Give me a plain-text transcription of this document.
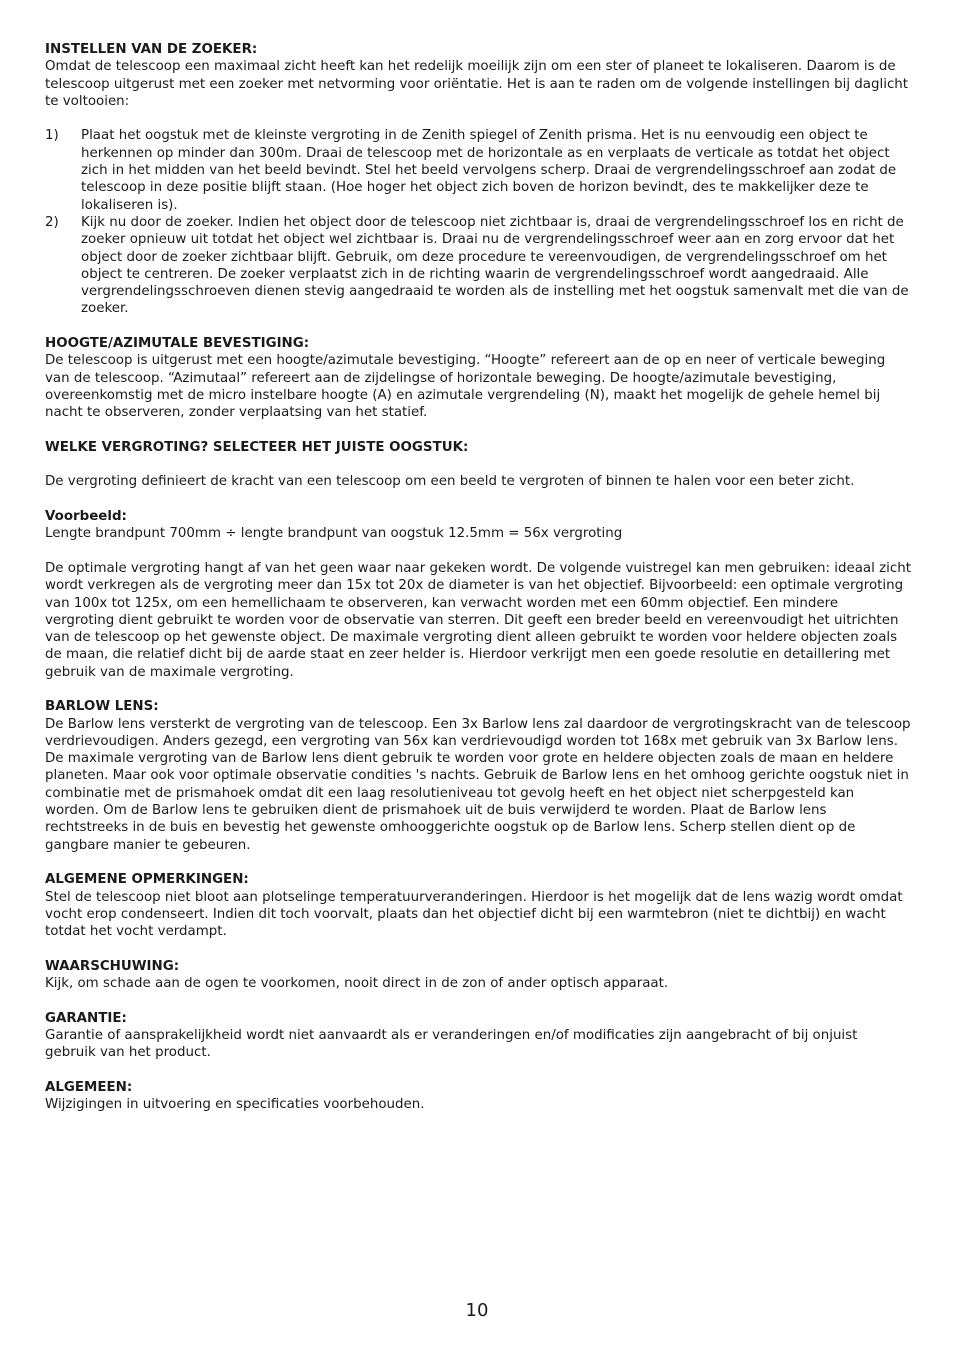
INSTELLEN VAN DE ZOEKER:

Omdat de telescoop een maximaal zicht heeft kan het redelijk moeilijk zijn om een ster of planeet te lokaliseren. Daarom is de telescoop uitgerust met een zoeker met netvorming voor oriëntatie. Het is aan te raden om de volgende instellingen bij daglicht te voltooien:

1)	Plaat het oogstuk met de kleinste vergroting in de Zenith spiegel of Zenith prisma. Het is nu eenvoudig een object te herkennen op minder dan 300m. Draai de telescoop met de horizontale as en verplaats de verticale as totdat het object zich in het midden van het beeld bevindt. Stel het beeld vervolgens scherp. Draai de vergrendelingsschroef aan zodat de telescoop in deze positie blijft staan. (Hoe hoger het object zich boven de horizon bevindt, des te makkelijker deze te lokaliseren is).
2)	Kijk nu door de zoeker. Indien het object door de telescoop niet zichtbaar is, draai de vergrendelingsschroef los en richt de zoeker opnieuw uit totdat het object wel zichtbaar is. Draai nu de vergrendelingsschroef weer aan en zorg ervoor dat het object door de zoeker zichtbaar blijft. Gebruik, om deze procedure te vereenvoudigen, de vergrendelingsschroef om het object te centreren. De zoeker verplaatst zich in de richting waarin de vergrendelingsschroef wordt aangedraaid. Alle vergrendelingsschroeven dienen stevig aangedraaid te worden als de instelling met het oogstuk samenvalt met die van de zoeker.
HOOGTE/AZIMUTALE BEVESTIGING:

De telescoop is uitgerust met een hoogte/azimutale bevestiging. “Hoogte” refereert aan de op en neer of verticale beweging van de telescoop. “Azimutaal” refereert aan de zijdelingse of horizontale beweging. De hoogte/azimutale bevestiging, overeenkomstig met de micro instelbare hoogte (A) en azimutale vergrendeling (N), maakt het mogelijk de gehele hemel bij nacht te observeren, zonder verplaatsing van het statief.

WELKE VERGROTING? SELECTEER HET JUISTE OOGSTUK:

De vergroting definieert de kracht van een telescoop om een beeld te vergroten of binnen te halen voor een beter zicht.

Voorbeeld:

Lengte brandpunt 700mm ÷ lengte brandpunt van oogstuk 12.5mm = 56x vergroting

De optimale vergroting hangt af van het geen waar naar gekeken wordt. De volgende vuistregel kan men gebruiken: ideaal zicht wordt verkregen als de vergroting meer dan 15x tot 20x de diameter is van het objectief. Bijvoorbeeld: een optimale vergroting van 100x tot 125x, om een hemellichaam te observeren, kan verwacht worden met een 60mm objectief. Een mindere vergroting dient gebruikt te worden voor de observatie van sterren. Dit geeft een breder beeld en vereenvoudigt het uitrichten van de telescoop op het gewenste object. De maximale vergroting dient alleen gebruikt te worden voor heldere objecten zoals de maan, die relatief dicht bij de aarde staat en zeer helder is. Hierdoor verkrijgt men een goede resolutie en detaillering met gebruik van de maximale vergroting.

BARLOW LENS:

De Barlow lens versterkt de vergroting van de telescoop. Een 3x Barlow lens zal daardoor de vergrotingskracht van de telescoop verdrievoudigen. Anders gezegd, een vergroting van 56x kan verdrievoudigd worden tot 168x met gebruik van 3x Barlow lens. De maximale vergroting van de Barlow lens dient gebruik te worden voor grote en heldere objecten zoals de maan en heldere planeten. Maar ook voor optimale observatie condities 's nachts. Gebruik de Barlow lens en het omhoog gerichte oogstuk niet in combinatie met de prismahoek omdat dit een laag resolutieniveau tot gevolg heeft en het object niet scherpgesteld kan worden. Om de Barlow lens te gebruiken dient de prismahoek uit de buis verwijderd te worden. Plaat de Barlow lens rechtstreeks in de buis en bevestig het gewenste omhooggerichte oogstuk op de Barlow lens. Scherp stellen dient op de gangbare manier te gebeuren.

ALGEMENE OPMERKINGEN:

Stel de telescoop niet bloot aan plotselinge temperatuurveranderingen. Hierdoor is het mogelijk dat de lens wazig wordt omdat vocht erop condenseert. Indien dit toch voorvalt, plaats dan het objectief dicht bij een warmtebron (niet te dichtbij) en wacht totdat het vocht verdampt.

WAARSCHUWING:

Kijk, om schade aan de ogen te voorkomen, nooit direct in de zon of ander optisch apparaat.

GARANTIE:

Garantie of aansprakelijkheid wordt niet aanvaardt als er veranderingen en/of modificaties zijn aangebracht of bij onjuist gebruik van het product.

ALGEMEEN:

Wijzigingen in uitvoering en specificaties voorbehouden.

10
